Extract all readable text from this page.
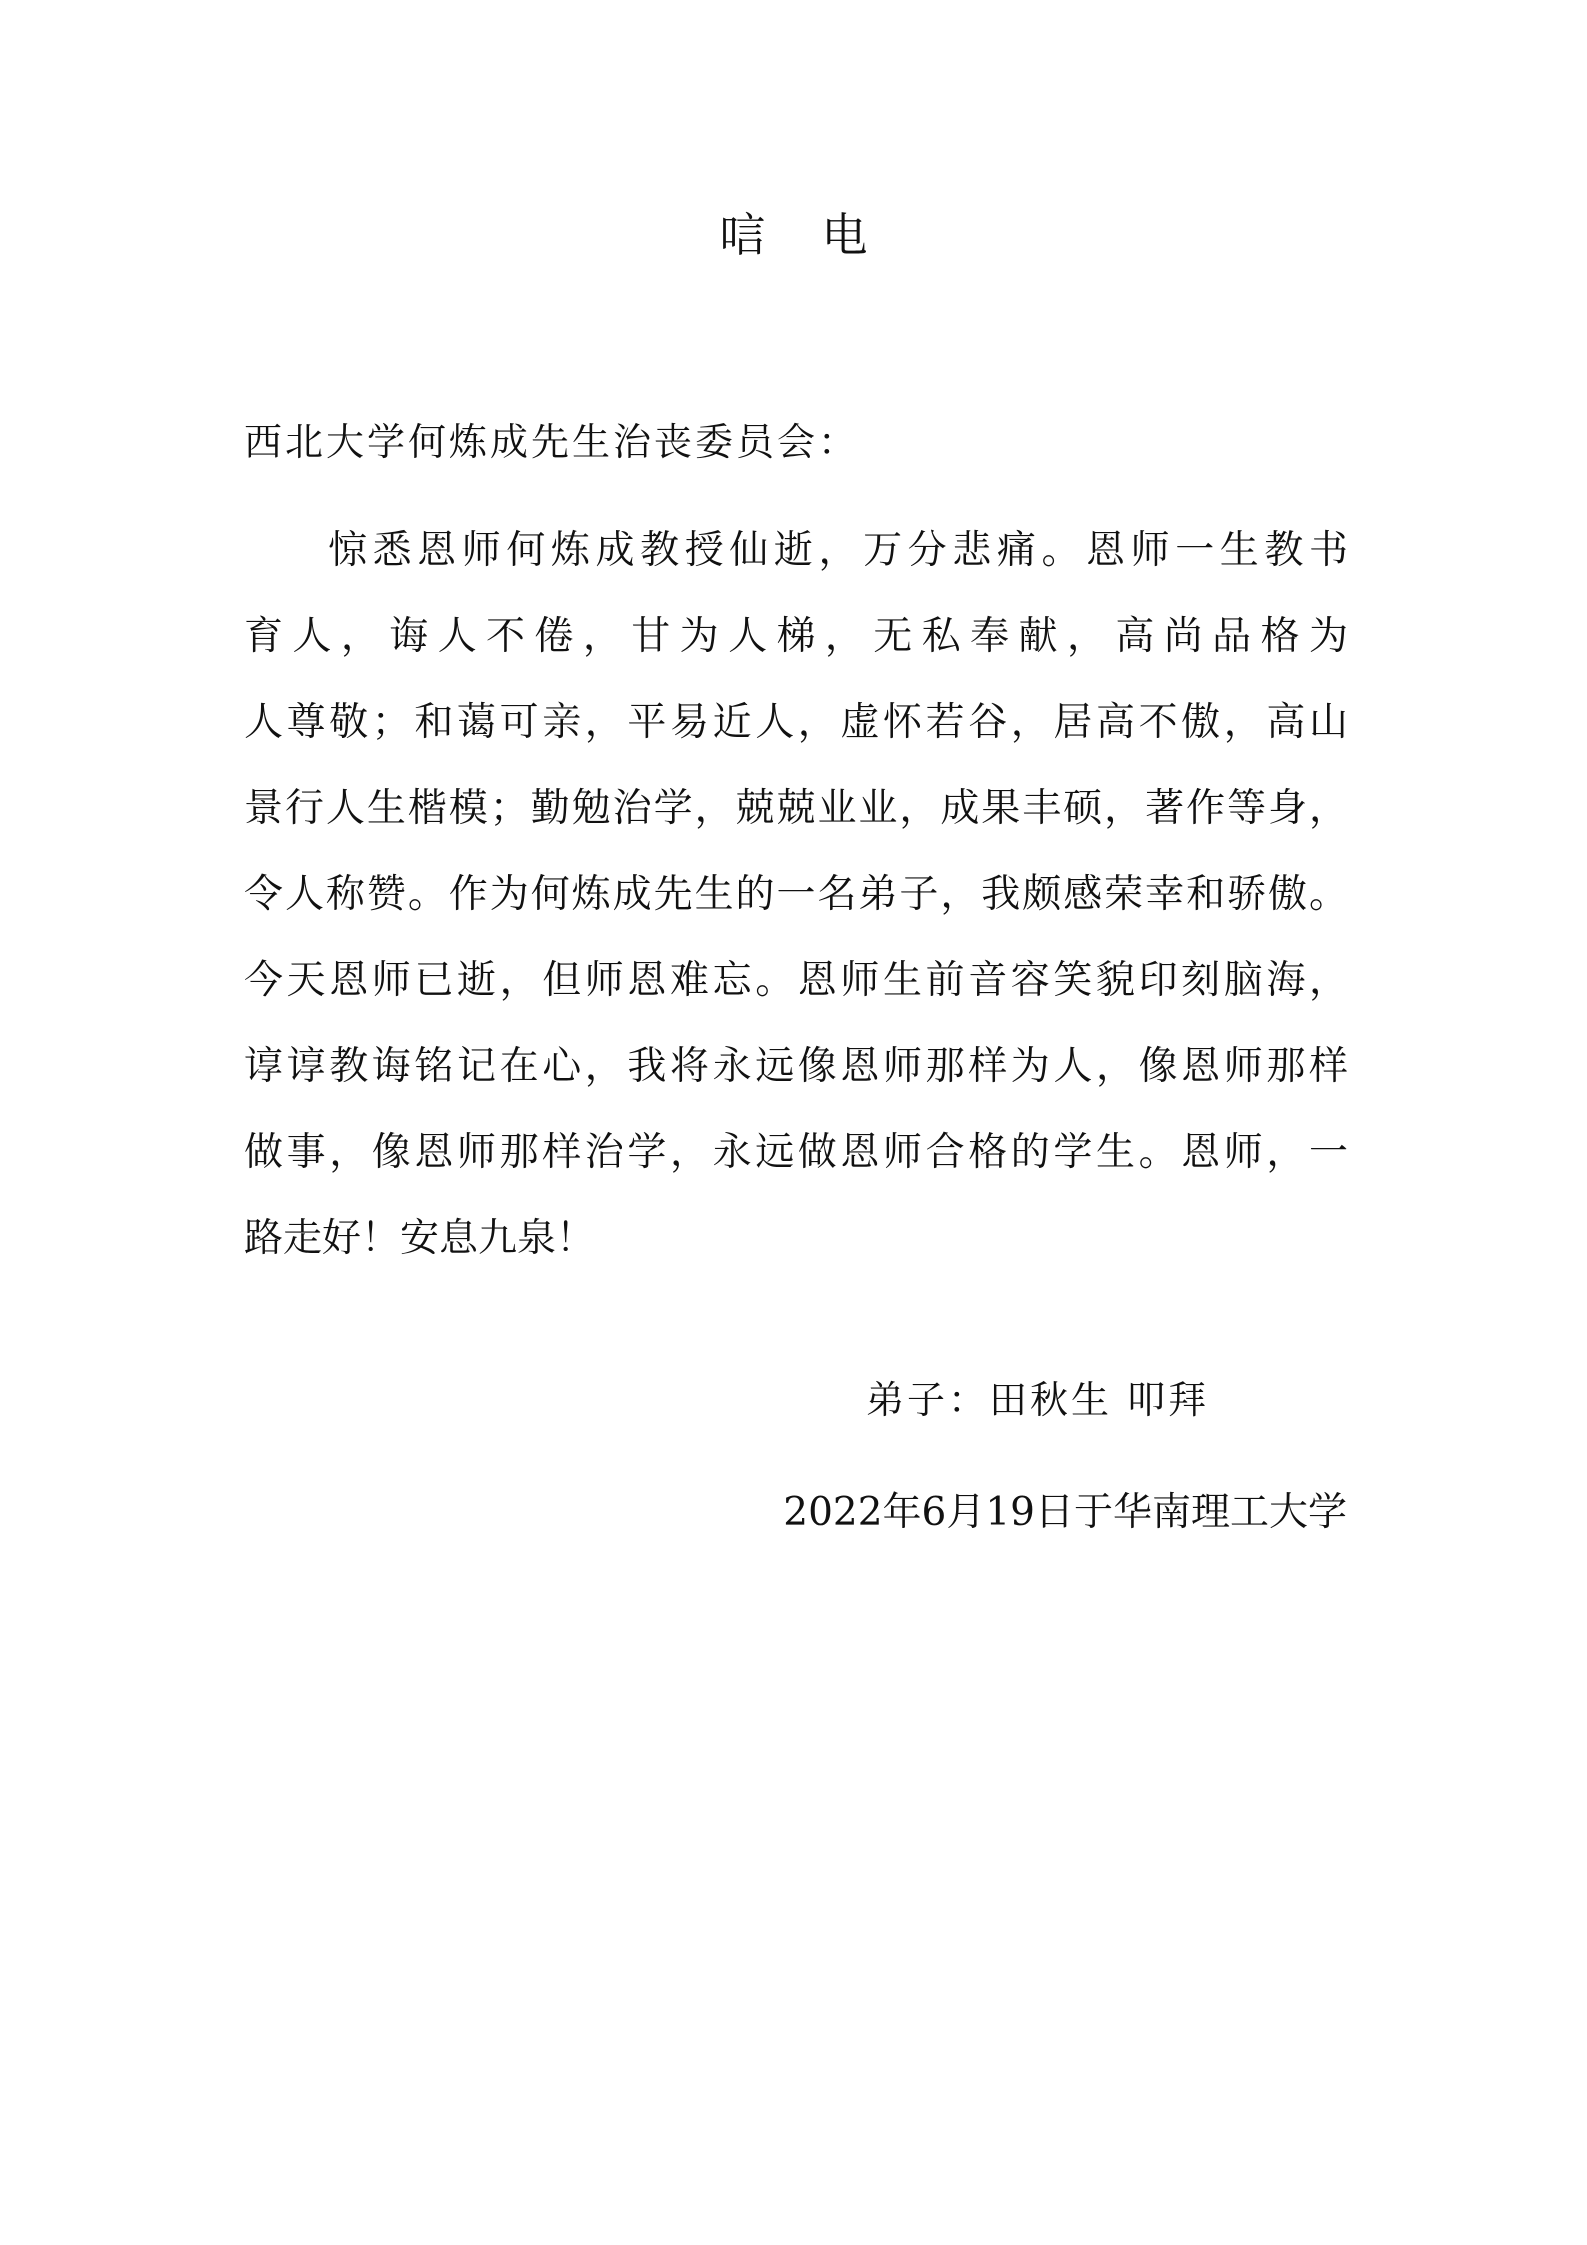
唁电
西北大学何炼成先生治丧委员会：
惊悉恩师何炼成教授仙逝，万分悲痛。恩师一生教书
育人，诲人不倦，甘为人梯，无私奉献，高尚品格为
人尊敬；和蔼可亲，平易近人，虚怀若谷，居高不傲，高山
景行人生楷模；勤勉治学，兢兢业业，成果丰硕，著作等身，
令人称赞。作为何炼成先生的一名弟子，我颇感荣幸和骄傲。
今天恩师已逝，但师恩难忘。恩师生前音容笑貌印刻脑海，
谆谆教诲铭记在心，我将永远像恩师那样为人，像恩师那样
做事，像恩师那样治学，永远做恩师合格的学生。恩师，一
路走好！安息九泉！
弟子：田秋生 叩拜
2022年6月19日于华南理工大学
